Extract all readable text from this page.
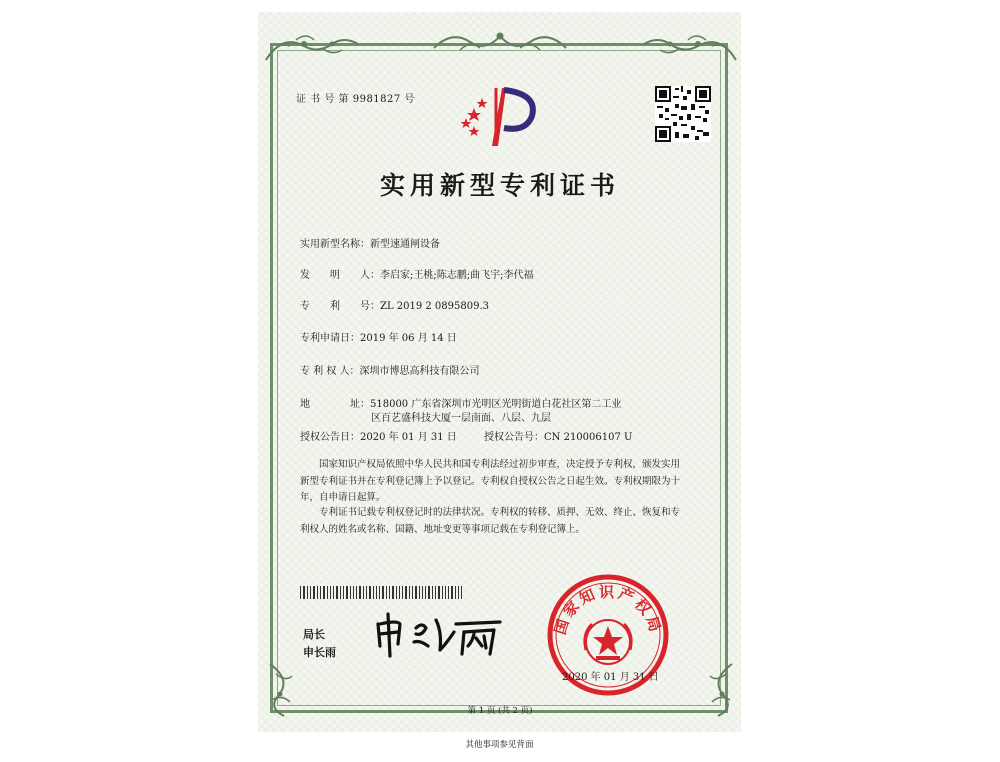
证 书 号 第 9981827 号
实用新型专利证书
实用新型名称：新型速通闸设备
发　　明　　人：李启家;王桃;陈志鹏;曲飞宇;李代福
专　　利　　号：ZL 2019 2 0895809.3
专利申请日：2019 年 06 月 14 日
专 利 权 人：深圳市博思高科技有限公司
地　　　　址：518000 广东省深圳市光明区光明街道白花社区第二工业
区百艺盛科技大厦一层南面、八层、九层
授权公告日：2020 年 01 月 31 日	授权公告号：CN 210006107 U
国家知识产权局依照中华人民共和国专利法经过初步审查，决定授予专利权，颁发实用
新型专利证书并在专利登记簿上予以登记。专利权自授权公告之日起生效。专利权期限为十
年，自申请日起算。
专利证书记载专利权登记时的法律状况。专利权的转移、质押、无效、终止、恢复和专
利权人的姓名或名称、国籍、地址变更等事项记载在专利登记簿上。
局长
申长雨
国家知识产权局
2020 年 01 月 31 日
第 1 页 (共 2 页)
其他事项参见背面
